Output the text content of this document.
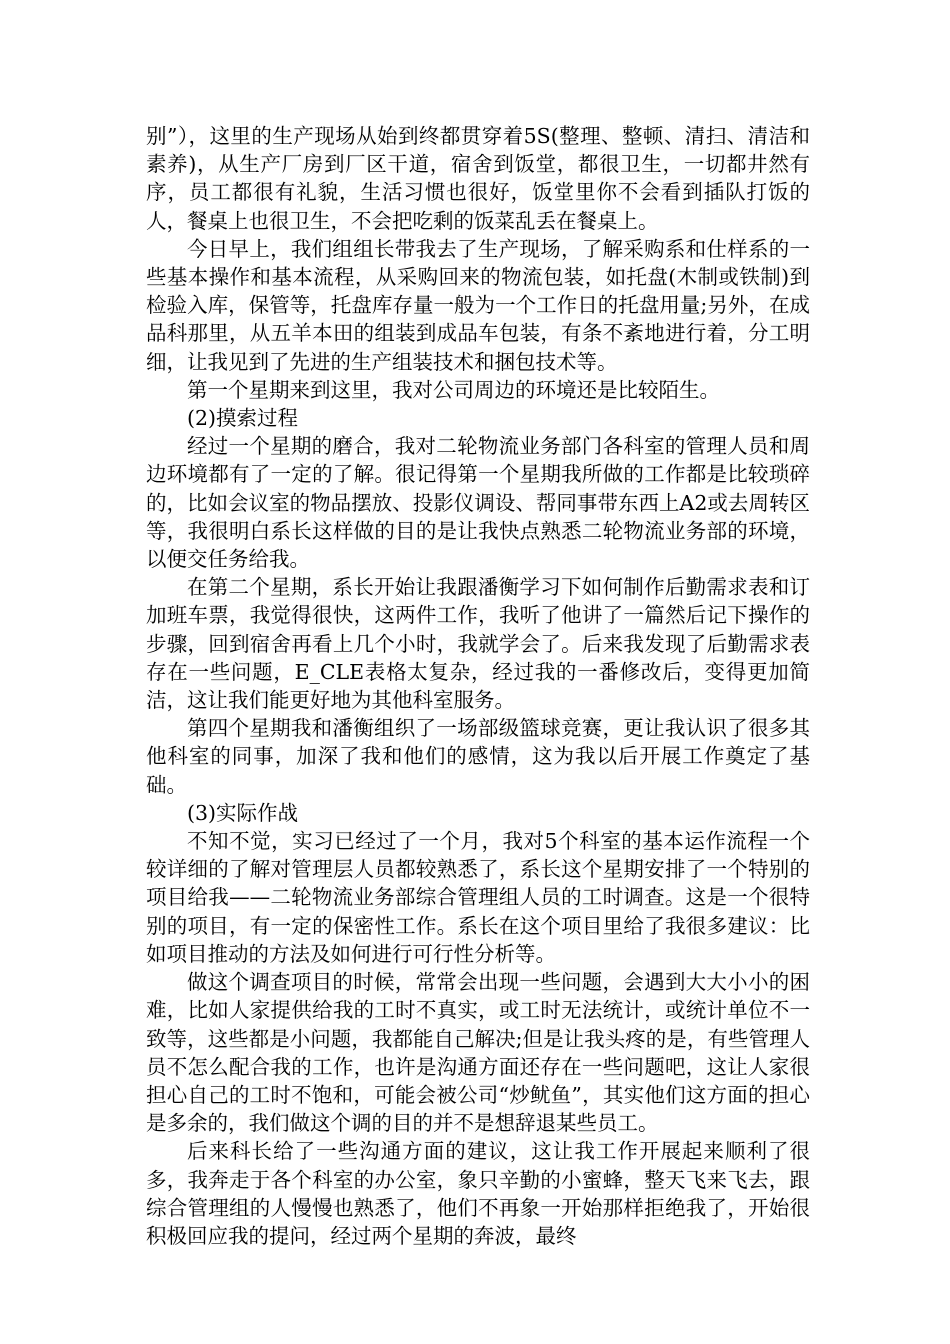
别”），这里的生产现场从始到终都贯穿着5S(整理、整顿、清扫、清洁和素养)，从生产厂房到厂区干道，宿舍到饭堂，都很卫生，一切都井然有序，员工都很有礼貌，生活习惯也很好，饭堂里你不会看到插队打饭的人，餐桌上也很卫生，不会把吃剩的饭菜乱丢在餐桌上。

今日早上，我们组组长带我去了生产现场，了解采购系和仕样系的一些基本操作和基本流程，从采购回来的物流包装，如托盘(木制或铁制)到检验入库，保管等，托盘库存量一般为一个工作日的托盘用量;另外，在成品科那里，从五羊本田的组装到成品车包装，有条不紊地进行着，分工明细，让我见到了先进的生产组装技术和捆包技术等。

第一个星期来到这里，我对公司周边的环境还是比较陌生。

(2)摸索过程

经过一个星期的磨合，我对二轮物流业务部门各科室的管理人员和周边环境都有了一定的了解。很记得第一个星期我所做的工作都是比较琐碎的，比如会议室的物品摆放、投影仪调设、帮同事带东西上A2或去周转区等，我很明白系长这样做的目的是让我快点熟悉二轮物流业务部的环境，以便交任务给我。

在第二个星期，系长开始让我跟潘衡学习下如何制作后勤需求表和订加班车票，我觉得很快，这两件工作，我听了他讲了一篇然后记下操作的步骤，回到宿舍再看上几个小时，我就学会了。后来我发现了后勤需求表存在一些问题，E_CLE表格太复杂，经过我的一番修改后，变得更加简洁，这让我们能更好地为其他科室服务。

第四个星期我和潘衡组织了一场部级篮球竞赛，更让我认识了很多其他科室的同事，加深了我和他们的感情，这为我以后开展工作奠定了基础。

(3)实际作战

不知不觉，实习已经过了一个月，我对5个科室的基本运作流程一个较详细的了解对管理层人员都较熟悉了，系长这个星期安排了一个特别的项目给我——二轮物流业务部综合管理组人员的工时调查。这是一个很特别的项目，有一定的保密性工作。系长在这个项目里给了我很多建议：比如项目推动的方法及如何进行可行性分析等。

做这个调查项目的时候，常常会出现一些问题，会遇到大大小小的困难，比如人家提供给我的工时不真实，或工时无法统计，或统计单位不一致等，这些都是小问题，我都能自己解决;但是让我头疼的是，有些管理人员不怎么配合我的工作，也许是沟通方面还存在一些问题吧，这让人家很担心自己的工时不饱和，可能会被公司“炒鱿鱼”，其实他们这方面的担心是多余的，我们做这个调的目的并不是想辞退某些员工。

后来科长给了一些沟通方面的建议，这让我工作开展起来顺利了很多，我奔走于各个科室的办公室，象只辛勤的小蜜蜂，整天飞来飞去，跟综合管理组的人慢慢也熟悉了，他们不再象一开始那样拒绝我了，开始很积极回应我的提问，经过两个星期的奔波，最终
